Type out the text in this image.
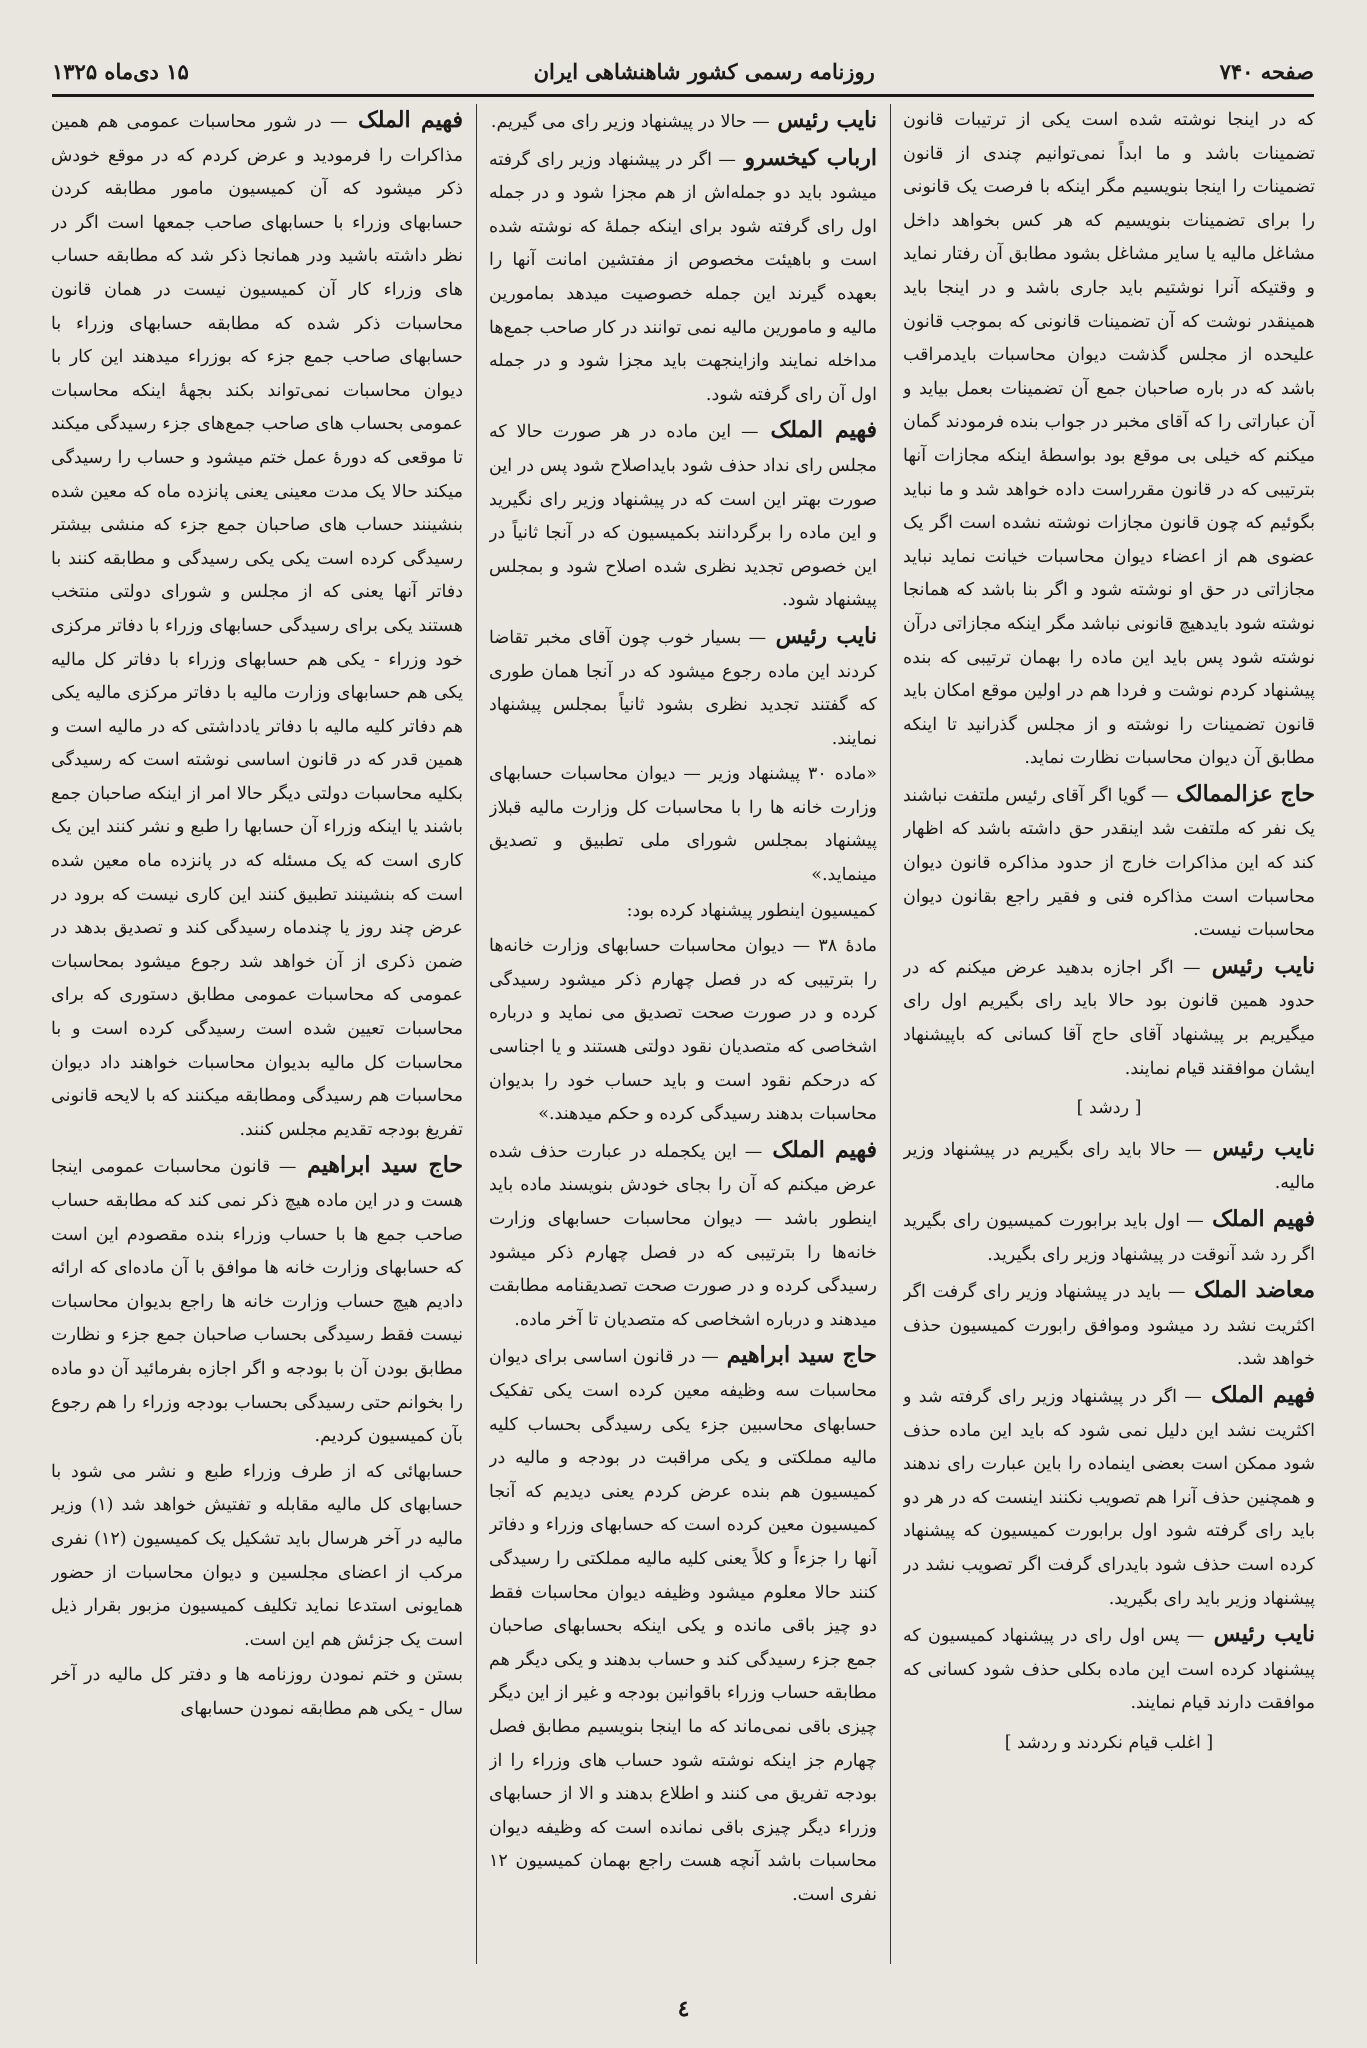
صفحه ۷۴۰
روزنامه رسمی کشور شاهنشاهی ایران
۱۵ دی‌ماه ۱۳۲۵

که در اینجا نوشته شده است یکی از ترتیبات قانون تضمینات باشد و ما ابداً نمی‌توانیم چندی از قانون تضمینات را اینجا بنویسیم مگر اینکه با فرصت یک قانونی را برای تضمینات بنویسیم که هر کس بخواهد داخل مشاغل مالیه یا سایر مشاغل بشود مطابق آن رفتار نماید و وقتیکه آنرا نوشتیم باید جاری باشد و در اینجا باید همینقدر نوشت که آن تضمینات قانونی که بموجب قانون علیحده از مجلس گذشت دیوان محاسبات بایدمراقب باشد که در باره صاحبان جمع آن تضمینات بعمل بیاید و آن عباراتی را که آقای مخبر در جواب بنده فرمودند گمان میکنم که خیلی بی موقع بود بواسطهٔ اینکه مجازات آنها بترتیبی که در قانون مقرراست داده خواهد شد و ما نباید بگوئیم که چون قانون مجازات نوشته نشده است اگر یک عضوی هم از اعضاء دیوان محاسبات خیانت نماید نباید مجازاتی در حق او نوشته شود و اگر بنا باشد که همانجا نوشته شود بایدهیچ قانونی نباشد مگر اینکه مجازاتی درآن نوشته شود پس باید این ماده را بهمان ترتیبی که بنده پیشنهاد کردم نوشت و فردا هم در اولین موقع امکان باید قانون تضمینات را نوشته و از مجلس گذرانید تا اینکه مطابق آن دیوان محاسبات نظارت نماید.

حاج عزالممالک — گویا اگر آقای رئیس ملتفت نباشند یک نفر که ملتفت شد اینقدر حق داشته باشد که اظهار کند که این مذاکرات خارج از حدود مذاکره قانون دیوان محاسبات است مذاکره فنی و فقیر راجع بقانون دیوان محاسبات نیست.

نایب رئیس — اگر اجازه بدهید عرض میکنم که در حدود همین قانون بود حالا باید رای بگیریم اول رای میگیریم بر پیشنهاد آقای حاج آقا کسانی که باپیشنهاد ایشان موافقند قیام نمایند.

[ ردشد ]

نایب رئیس — حالا باید رای بگیریم در پیشنهاد وزیر مالیه.

فهیم الملک — اول باید برابورت کمیسیون رای بگیرید اگر رد شد آنوقت در پیشنهاد وزیر رای بگیرید.

معاضد الملک — باید در پیشنهاد وزیر رای گرفت اگر اکثریت نشد رد میشود وموافق رابورت کمیسیون حذف خواهد شد.

فهیم الملک — اگر در پیشنهاد وزیر رای گرفته شد و اکثریت نشد این دلیل نمی شود که باید این ماده حذف شود ممکن است بعضی اینماده را باین عبارت رای ندهند و همچنین حذف آنرا هم تصویب نکنند اینست که در هر دو باید رای گرفته شود اول برابورت کمیسیون که پیشنهاد کرده است حذف شود بایدرای گرفت اگر تصویب نشد در پیشنهاد وزیر باید رای بگیرید.

نایب رئیس — پس اول رای در پیشنهاد کمیسیون که پیشنهاد کرده است این ماده بکلی حذف شود کسانی که موافقت دارند قیام نمایند.

[ اغلب قیام نکردند و ردشد ]

نایب رئیس — حالا در پیشنهاد وزیر رای می گیریم.

ارباب کیخسرو — اگر در پیشنهاد وزیر رای گرفته میشود باید دو جمله‌اش از هم مجزا شود و در جمله اول رای گرفته شود برای اینکه جملهٔ که نوشته شده است و باهیئت مخصوص از مفتشین امانت آنها را بعهده گیرند این جمله خصوصیت میدهد بمامورین مالیه و مامورین مالیه نمی توانند در کار صاحب جمع‌ها مداخله نمایند وازاینجهت باید مجزا شود و در جمله اول آن رای گرفته شود.

فهیم الملک — این ماده در هر صورت حالا که مجلس رای نداد حذف شود بایداصلاح شود پس در این صورت بهتر این است که در پیشنهاد وزیر رای نگیرید و این ماده را برگردانند بکمیسیون که در آنجا ثانیاً در این خصوص تجدید نظری شده اصلاح شود و بمجلس پیشنهاد شود.

نایب رئیس — بسیار خوب چون آقای مخبر تقاضا کردند این ماده رجوع میشود که در آنجا همان طوری که گفتند تجدید نظری بشود ثانیاً بمجلس پیشنهاد نمایند.

«ماده ۳۰ پیشنهاد وزیر — دیوان محاسبات حسابهای وزارت خانه ها را با محاسبات کل وزارت مالیه قبلاز پیشنهاد بمجلس شورای ملی تطبیق و تصدیق مینماید.»

کمیسیون اینطور پیشنهاد کرده بود:

مادهٔ ۳۸ — دیوان محاسبات حسابهای وزارت خانه‌ها را بترتیبی که در فصل چهارم ذکر میشود رسیدگی کرده و در صورت صحت تصدیق می نماید و درباره اشخاصی که متصدیان نقود دولتی هستند و یا اجناسی که درحکم نقود است و باید حساب خود را بدیوان محاسبات بدهند رسیدگی کرده و حکم میدهند.»

فهیم الملک — این یکجمله در عبارت حذف شده عرض میکنم که آن را بجای خودش بنویسند ماده باید اینطور باشد — دیوان محاسبات حسابهای وزارت خانه‌ها را بترتیبی که در فصل چهارم ذکر میشود رسیدگی کرده و در صورت صحت تصدیقنامه مطابقت میدهند و درباره اشخاصی که متصدیان تا آخر ماده.

حاج سید ابراهیم — در قانون اساسی برای دیوان محاسبات سه وظیفه معین کرده است یکی تفکیک حسابهای محاسبین جزء یکی رسیدگی بحساب کلیه مالیه مملکتی و یکی مراقبت در بودجه و مالیه در کمیسیون هم بنده عرض کردم یعنی دیدیم که آنجا کمیسیون معین کرده است که حسابهای وزراء و دفاتر آنها را جزءاً و کلاً یعنی کلیه مالیه مملکتی را رسیدگی کنند حالا معلوم میشود وظیفه دیوان محاسبات فقط دو چیز باقی مانده و یکی اینکه بحسابهای صاحبان جمع جزء رسیدگی کند و حساب بدهند و یکی دیگر هم مطابقه حساب وزراء باقوانین بودجه و غیر از این دیگر چیزی باقی نمی‌ماند که ما اینجا بنویسیم مطابق فصل چهارم جز اینکه نوشته شود حساب های وزراء را از بودجه تفریق می کنند و اطلاع بدهند و الا از حسابهای وزراء دیگر چیزی باقی نمانده است که وظیفه دیوان محاسبات باشد آنچه هست راجع بهمان کمیسیون ۱۲ نفری است.

فهیم الملک — در شور محاسبات عمومی هم همین مذاکرات را فرمودید و عرض کردم که در موقع خودش ذکر میشود که آن کمیسیون مامور مطابقه کردن حسابهای وزراء با حسابهای صاحب جمعها است اگر در نظر داشته باشید ودر همانجا ذکر شد که مطابقه حساب های وزراء کار آن کمیسیون نیست در همان قانون محاسبات ذکر شده که مطابقه حسابهای وزراء با حسابهای صاحب جمع جزء که بوزراء میدهند این کار با دیوان محاسبات نمی‌تواند بکند بجهةٔ اینکه محاسبات عمومی بحساب های صاحب جمع‌های جزء رسیدگی میکند تا موقعی که دورهٔ عمل ختم میشود و حساب را رسیدگی میکند حالا یک مدت معینی یعنی پانزده ماه که معین شده بنشینند حساب های صاحبان جمع جزء که منشی بیشتر رسیدگی کرده است یکی یکی رسیدگی و مطابقه کنند با دفاتر آنها یعنی که از مجلس و شورای دولتی منتخب هستند یکی برای رسیدگی حسابهای وزراء با دفاتر مرکزی خود وزراء - یکی هم حسابهای وزراء با دفاتر کل مالیه یکی هم حسابهای وزارت مالیه با دفاتر مرکزی مالیه یکی هم دفاتر کلیه مالیه با دفاتر یادداشتی که در مالیه است و همین قدر که در قانون اساسی نوشته است که رسیدگی بکلیه محاسبات دولتی دیگر حالا امر از اینکه صاحبان جمع باشند یا اینکه وزراء آن حسابها را طبع و نشر کنند این یک کاری است که یک مسئله که در پانزده ماه معین شده است که بنشینند تطبیق کنند این کاری نیست که برود در عرض چند روز یا چندماه رسیدگی کند و تصدیق بدهد در ضمن ذکری از آن خواهد شد رجوع میشود بمحاسبات عمومی که محاسبات عمومی مطابق دستوری که برای محاسبات تعیین شده است رسیدگی کرده است و با محاسبات کل مالیه بدیوان محاسبات خواهند داد دیوان محاسبات هم رسیدگی ومطابقه میکنند که با لایحه قانونی تفریغ بودجه تقدیم مجلس کنند.

حاج سید ابراهیم — قانون محاسبات عمومی اینجا هست و در این ماده هیچ ذکر نمی کند که مطابقه حساب صاحب جمع ها با حساب وزراء بنده مقصودم این است که حسابهای وزارت خانه ها موافق با آن ماده‌ای که ارائه دادیم هیچ حساب وزارت خانه ها راجع بدیوان محاسبات نیست فقط رسیدگی بحساب صاحبان جمع جزء و نظارت مطابق بودن آن با بودجه و اگر اجازه بفرمائید آن دو ماده را بخوانم حتی رسیدگی بحساب بودجه وزراء را هم رجوع بآن کمیسیون کردیم.

حسابهائی که از طرف وزراء طبع و نشر می شود با حسابهای کل مالیه مقابله و تفتیش خواهد شد (۱) وزیر مالیه در آخر هرسال باید تشکیل یک کمیسیون (۱۲) نفری مرکب از اعضای مجلسین و دیوان محاسبات از حضور همایونی استدعا نماید تکلیف کمیسیون مزبور بقرار ذیل است یک جزئش هم این است.

بستن و ختم نمودن روزنامه ها و دفتر کل مالیه در آخر سال - یکی هم مطابقه نمودن حسابهای

٤
